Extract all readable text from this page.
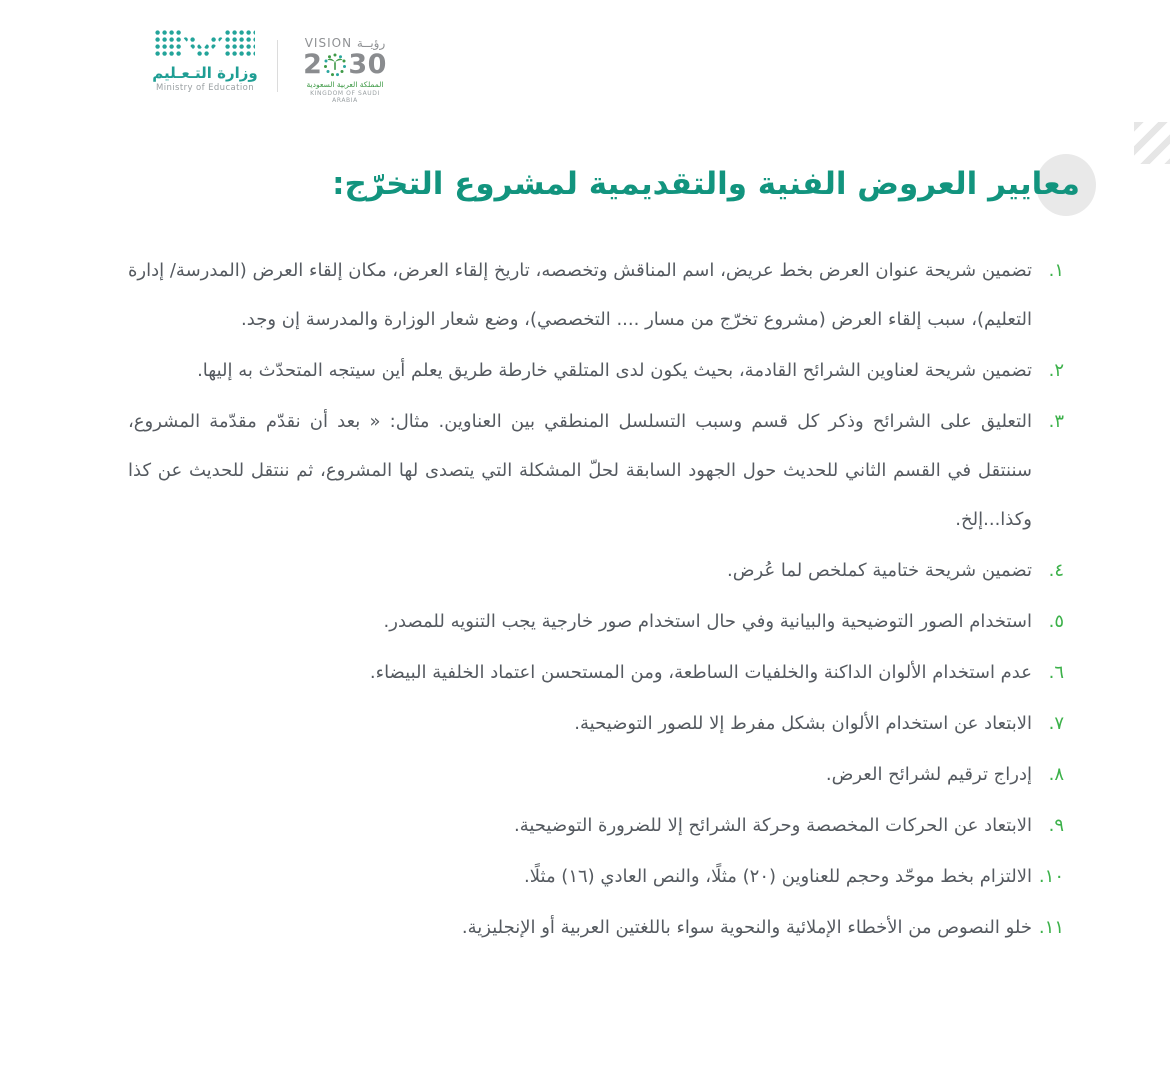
وزارة التـعـليم
Ministry of Education
VISION رؤيــة
2 30
المملكة العربية السعودية
KINGDOM OF SAUDI ARABIA
معايير العروض الفنية والتقديمية لمشروع التخرّج:
١.
تضمين شريحة عنوان العرض بخط عريض، اسم المناقش وتخصصه، تاريخ إلقاء العرض، مكان إلقاء العرض (المدرسة/ إدارة التعليم)، سبب إلقاء العرض (مشروع تخرّج من مسار .... التخصصي)، وضع شعار الوزارة والمدرسة إن وجد.
٢.
تضمين شريحة لعناوين الشرائح القادمة، بحيث يكون لدى المتلقي خارطة طريق يعلم أين سيتجه المتحدّث به إليها.
٣.
التعليق على الشرائح وذكر كل قسم وسبب التسلسل المنطقي بين العناوين. مثال: « بعد أن نقدّم مقدّمة المشروع، سننتقل في القسم الثاني للحديث حول الجهود السابقة لحلّ المشكلة التي يتصدى لها المشروع، ثم ننتقل للحديث عن كذا وكذا...إلخ.
٤.
تضمين شريحة ختامية كملخص لما عُرض.
٥.
استخدام الصور التوضيحية والبيانية وفي حال استخدام صور خارجية يجب التنويه للمصدر.
٦.
عدم استخدام الألوان الداكنة والخلفيات الساطعة، ومن المستحسن اعتماد الخلفية البيضاء.
٧.
الابتعاد عن استخدام الألوان بشكل مفرط إلا للصور التوضيحية.
٨.
إدراج ترقيم لشرائح العرض.
٩.
الابتعاد عن الحركات المخصصة وحركة الشرائح إلا للضرورة التوضيحية.
١٠.
الالتزام بخط موحّد وحجم للعناوين (٢٠) مثلًا، والنص العادي (١٦) مثلًا.
١١.
خلو النصوص من الأخطاء الإملائية والنحوية سواء باللغتين العربية أو الإنجليزية.
